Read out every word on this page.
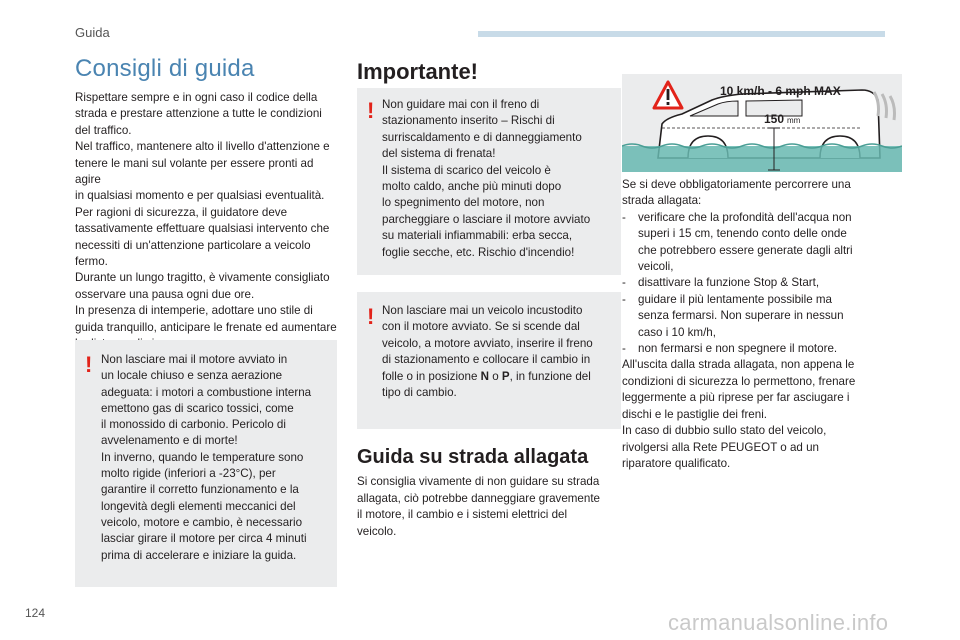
Guida
Consigli di guida

Rispettare sempre e in ogni caso il codice della

strada e prestare attenzione a tutte le condizioni

del traffico.

Nel traffico, mantenere alto il livello d'attenzione e

tenere le mani sul volante per essere pronti ad agire

in qualsiasi momento e per qualsiasi eventualità.

Per ragioni di sicurezza, il guidatore deve

tassativamente effettuare qualsiasi intervento che

necessiti di un'attenzione particolare a veicolo

fermo.

Durante un lungo tragitto, è vivamente consigliato

osservare una pausa ogni due ore.

In presenza di intemperie, adottare uno stile di

guida tranquillo, anticipare le frenate ed aumentare

! Non lasciare mai il motore avviato in

un locale chiuso e senza aerazione

adeguata: i motori a combustione interna

emettono gas di scarico tossici, come

il monossido di carbonio. Pericolo di

avvelenamento e di morte!

In inverno, quando le temperature sono

molto rigide (inferiori a -23°C), per

garantire il corretto funzionamento e la

longevità degli elementi meccanici del

veicolo, motore e cambio, è necessario

lasciar girare il motore per circa 4 minuti

prima di accelerare e iniziare la guida.

Importante!
! Non guidare mai con il freno di

stazionamento inserito – Rischi di

surriscaldamento e di danneggiamento

del sistema di frenata!

Il sistema di scarico del veicolo è

molto caldo, anche più minuti dopo

lo spegnimento del motore, non

parcheggiare o lasciare il motore avviato

su materiali infiammabili: erba secca,

foglie secche, etc. Rischio d'incendio!

! Non lasciare mai un veicolo incustodito

con il motore avviato. Se si scende dal

veicolo, a motore avviato, inserire il freno

di stazionamento e collocare il cambio in

folle o in posizione N o P, in funzione del

tipo di cambio.

Guida su strada allagata
Si consiglia vivamente di non guidare su strada
allagata, ciò potrebbe danneggiare gravemente
il motore, il cambio e i sistemi elettrici del
veicolo.
10 km/h - 6 mph MAX
150 mm
Se si deve obbligatoriamente percorrere una
strada allagata:
- verificare che la profondità dell'acqua non
superi i 15 cm, tenendo conto delle onde
che potrebbero essere generate dagli altri
veicoli,
- disattivare la funzione Stop & Start,
- guidare il più lentamente possibile ma
senza fermarsi. Non superare in nessun
caso i 10 km/h,
- non fermarsi e non spegnere il motore.
All'uscita dalla strada allagata, non appena le
condizioni di sicurezza lo permettono, frenare
leggermente a più riprese per far asciugare i
dischi e le pastiglie dei freni.
In caso di dubbio sullo stato del veicolo,
rivolgersi alla Rete PEUGEOT o ad un
riparatore qualificato.
124	carmanualsonline.info
